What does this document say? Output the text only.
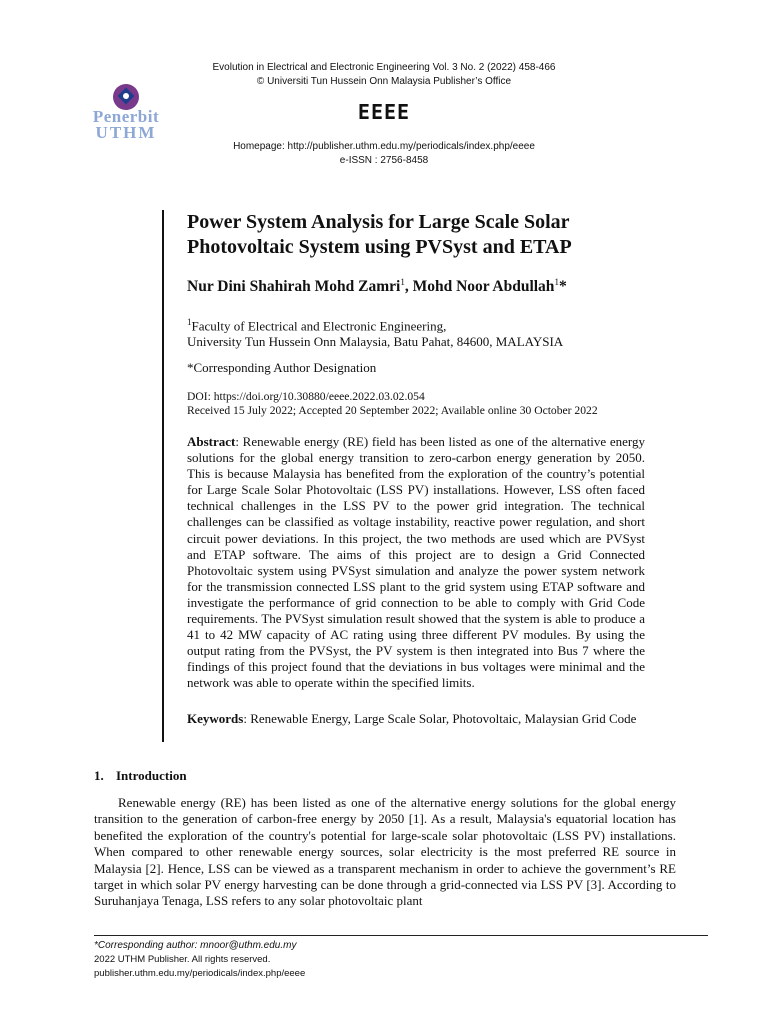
Evolution in Electrical and Electronic Engineering Vol. 3 No. 2 (2022) 458-466
© Universiti Tun Hussein Onn Malaysia Publisher’s Office
EEEE
Homepage: http://publisher.uthm.edu.my/periodicals/index.php/eeee
e-ISSN : 2756-8458
Penerbit
UTHM
Power System Analysis for Large Scale Solar Photovoltaic System using PVSyst and ETAP
Nur Dini Shahirah Mohd Zamri$^1$, Mohd Noor Abdullah$^1$*
$^1$Faculty of Electrical and Electronic Engineering,
University Tun Hussein Onn Malaysia, Batu Pahat, 84600, MALAYSIA
*Corresponding Author Designation
DOI: https://doi.org/10.30880/eeee.2022.03.02.054
Received 15 July 2022; Accepted 20 September 2022; Available online 30 October 2022
Abstract: Renewable energy (RE) field has been listed as one of the alternative energy solutions for the global energy transition to zero-carbon energy generation by 2050. This is because Malaysia has benefited from the exploration of the country’s potential for Large Scale Solar Photovoltaic (LSS PV) installations. However, LSS often faced technical challenges in the LSS PV to the power grid integration. The technical challenges can be classified as voltage instability, reactive power regulation, and short circuit power deviations. In this project, the two methods are used which are PVSyst and ETAP software. The aims of this project are to design a Grid Connected Photovoltaic system using PVSyst simulation and analyze the power system network for the transmission connected LSS plant to the grid system using ETAP software and investigate the performance of grid connection to be able to comply with Grid Code requirements. The PVSyst simulation result showed that the system is able to produce a 41 to 42 MW capacity of AC rating using three different PV modules. By using the output rating from the PVSyst, the PV system is then integrated into Bus 7 where the findings of this project found that the deviations in bus voltages were minimal and the network was able to operate within the specified limits.
Keywords: Renewable Energy, Large Scale Solar, Photovoltaic, Malaysian Grid Code
1. Introduction
Renewable energy (RE) has been listed as one of the alternative energy solutions for the global energy transition to the generation of carbon-free energy by 2050 [1]. As a result, Malaysia's equatorial location has benefited the exploration of the country's potential for large-scale solar photovoltaic (LSS PV) installations. When compared to other renewable energy sources, solar electricity is the most preferred RE source in Malaysia [2]. Hence, LSS can be viewed as a transparent mechanism in order to achieve the government’s RE target in which solar PV energy harvesting can be done through a grid-connected via LSS PV [3]. According to Suruhanjaya Tenaga, LSS refers to any solar photovoltaic plant
*Corresponding author: mnoor@uthm.edu.my
2022 UTHM Publisher. All rights reserved.
publisher.uthm.edu.my/periodicals/index.php/eeee
